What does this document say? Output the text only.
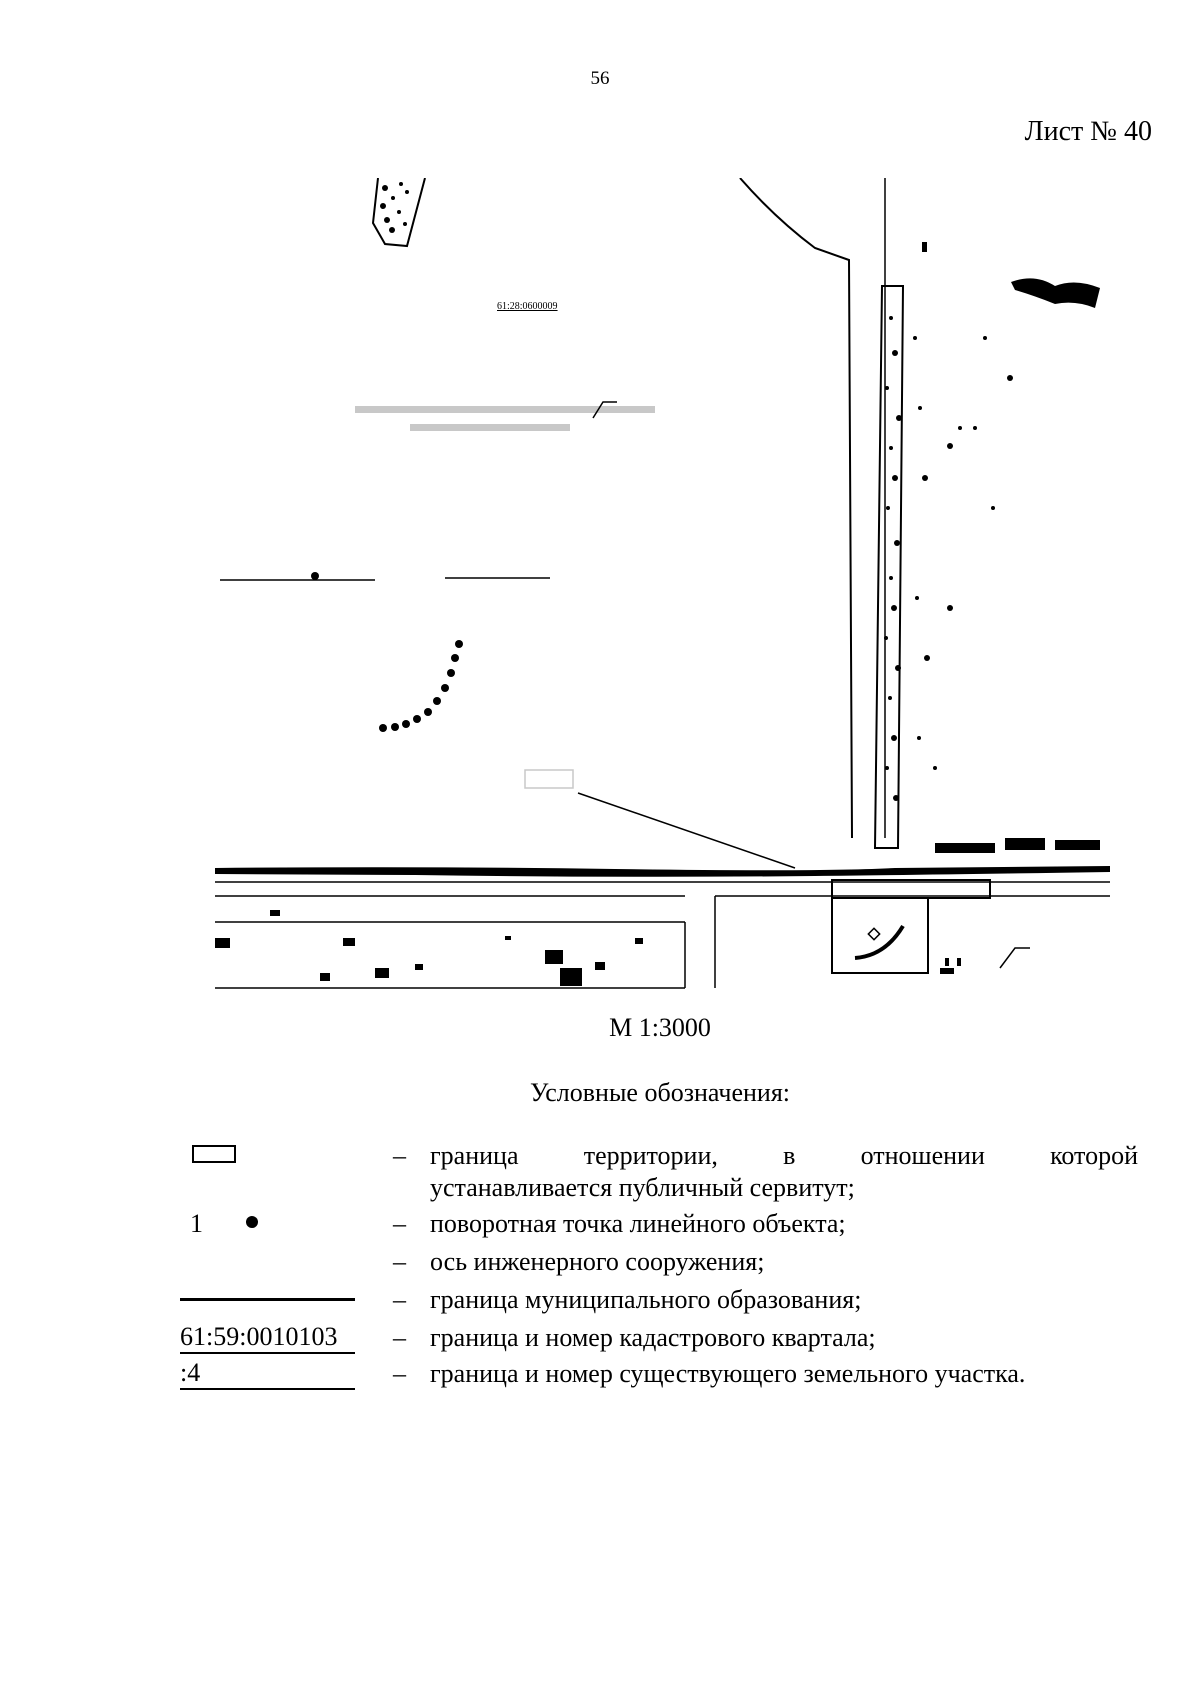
56
Лист № 40
61:28:0600009
М 1:3000
Условные обозначения:
– граница территории, в отношении которой
устанавливается публичный сервитут;
1	– поворотная точка линейного объекта;
– ось инженерного сооружения;
– граница муниципального образования;
61:59:0010103	– граница и номер кадастрового квартала;
:4	– граница и номер существующего земельного участка.
